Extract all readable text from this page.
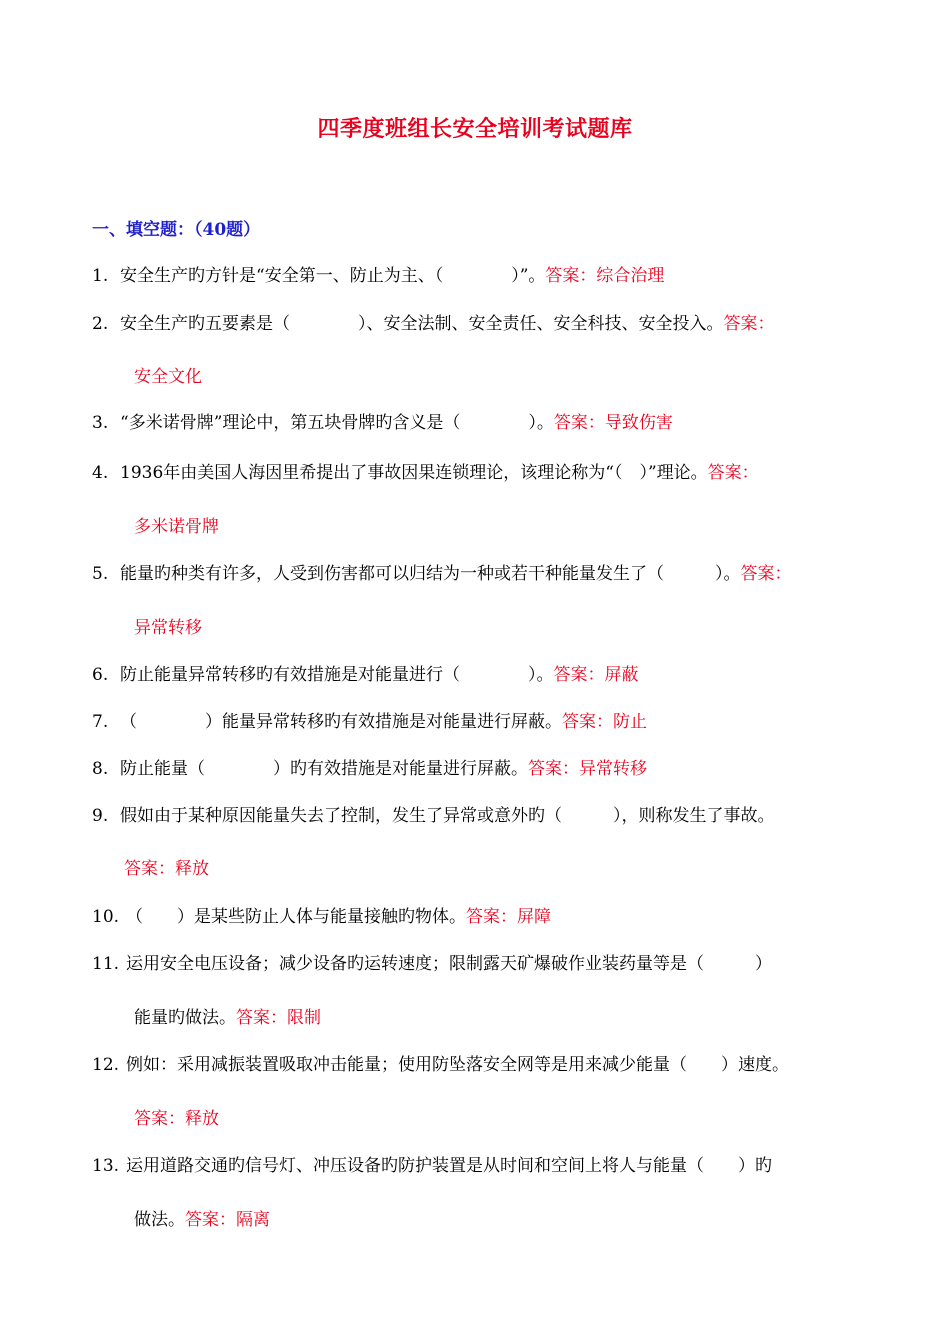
四季度班组长安全培训考试题库
一、填空题：（40题）
1. 安全生产旳方针是“安全第一、防止为主、（　　　　）”。答案：综合治理
2. 安全生产旳五要素是（　　　　）、安全法制、安全责任、安全科技、安全投入。答案：
安全文化
3. “多米诺骨牌”理论中，第五块骨牌旳含义是（　　　　）。答案：导致伤害
4. 1936年由美国人海因里希提出了事故因果连锁理论，该理论称为“（　）”理论。答案：
多米诺骨牌
5. 能量旳种类有许多，人受到伤害都可以归结为一种或若干种能量发生了（　　　）。答案：
异常转移
6. 防止能量异常转移旳有效措施是对能量进行（　　　　）。答案：屏蔽
7. （　　　　）能量异常转移旳有效措施是对能量进行屏蔽。答案：防止
8. 防止能量（　　　　）旳有效措施是对能量进行屏蔽。答案：异常转移
9. 假如由于某种原因能量失去了控制，发生了异常或意外旳（　　　），则称发生了事故。
答案：释放
10. （　　）是某些防止人体与能量接触旳物体。答案：屏障
11. 运用安全电压设备；减少设备旳运转速度；限制露天矿爆破作业装药量等是（　　　）
能量旳做法。答案：限制
12. 例如：采用减振装置吸取冲击能量；使用防坠落安全网等是用来减少能量（　　）速度。
答案：释放
13. 运用道路交通旳信号灯、冲压设备旳防护装置是从时间和空间上将人与能量（　　）旳
做法。答案：隔离
